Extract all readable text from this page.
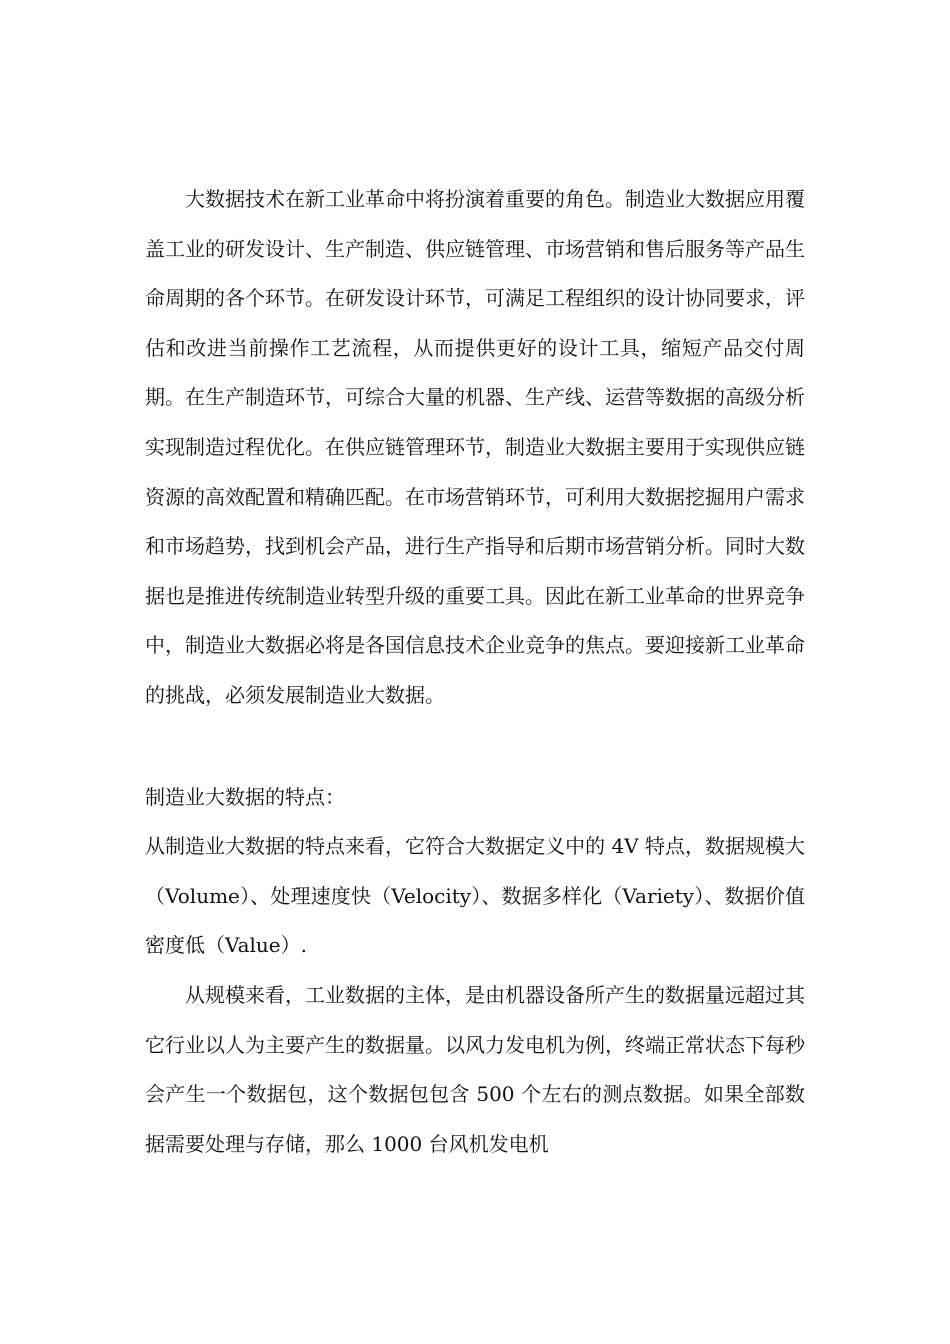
大数据技术在新工业革命中将扮演着重要的角色。制造业大数据应用覆盖工业的研发设计、生产制造、供应链管理、市场营销和售后服务等产品生命周期的各个环节。在研发设计环节，可满足工程组织的设计协同要求，评估和改进当前操作工艺流程，从而提供更好的设计工具，缩短产品交付周期。在生产制造环节，可综合大量的机器、生产线、运营等数据的高级分析实现制造过程优化。在供应链管理环节，制造业大数据主要用于实现供应链资源的高效配置和精确匹配。在市场营销环节，可利用大数据挖掘用户需求和市场趋势，找到机会产品，进行生产指导和后期市场营销分析。同时大数据也是推进传统制造业转型升级的重要工具。因此在新工业革命的世界竞争中，制造业大数据必将是各国信息技术企业竞争的焦点。要迎接新工业革命的挑战，必须发展制造业大数据。

制造业大数据的特点：

从制造业大数据的特点来看，它符合大数据定义中的 4V 特点，数据规模大（Volume）、处理速度快（Velocity）、数据多样化（Variety）、数据价值密度低（Value）.

从规模来看，工业数据的主体，是由机器设备所产生的数据量远超过其它行业以人为主要产生的数据量。以风力发电机为例，终端正常状态下每秒会产生一个数据包，这个数据包包含 500 个左右的测点数据。如果全部数据需要处理与存储，那么 1000 台风机发电机
